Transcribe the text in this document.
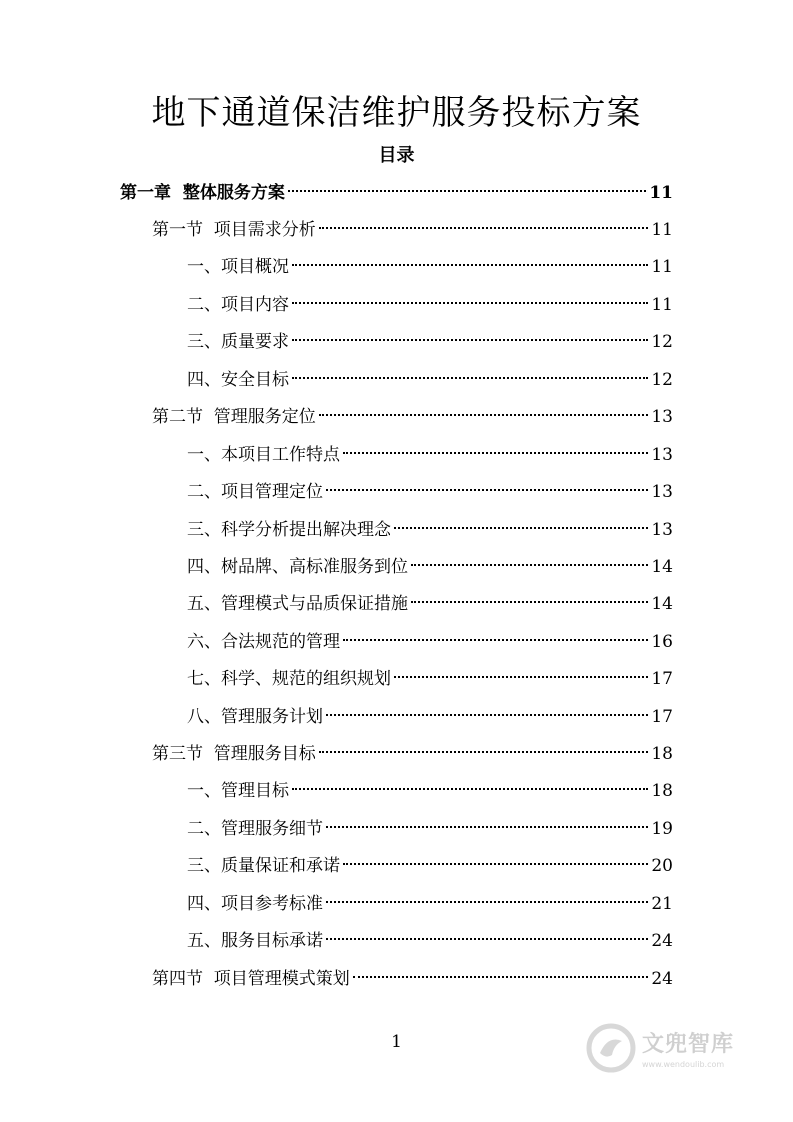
地下通道保洁维护服务投标方案
目录
第一章  整体服务方案	11
第一节  项目需求分析	11
一、项目概况	11
二、项目内容	11
三、质量要求	12
四、安全目标	12
第二节  管理服务定位	13
一、本项目工作特点	13
二、项目管理定位	13
三、科学分析提出解决理念	13
四、树品牌、高标准服务到位	14
五、管理模式与品质保证措施	14
六、合法规范的管理	16
七、科学、规范的组织规划	17
八、管理服务计划	17
第三节  管理服务目标	18
一、管理目标	18
二、管理服务细节	19
三、质量保证和承诺	20
四、项目参考标准	21
五、服务目标承诺	24
第四节  项目管理模式策划	24
1	文兜智库
www.wendoulib.com
